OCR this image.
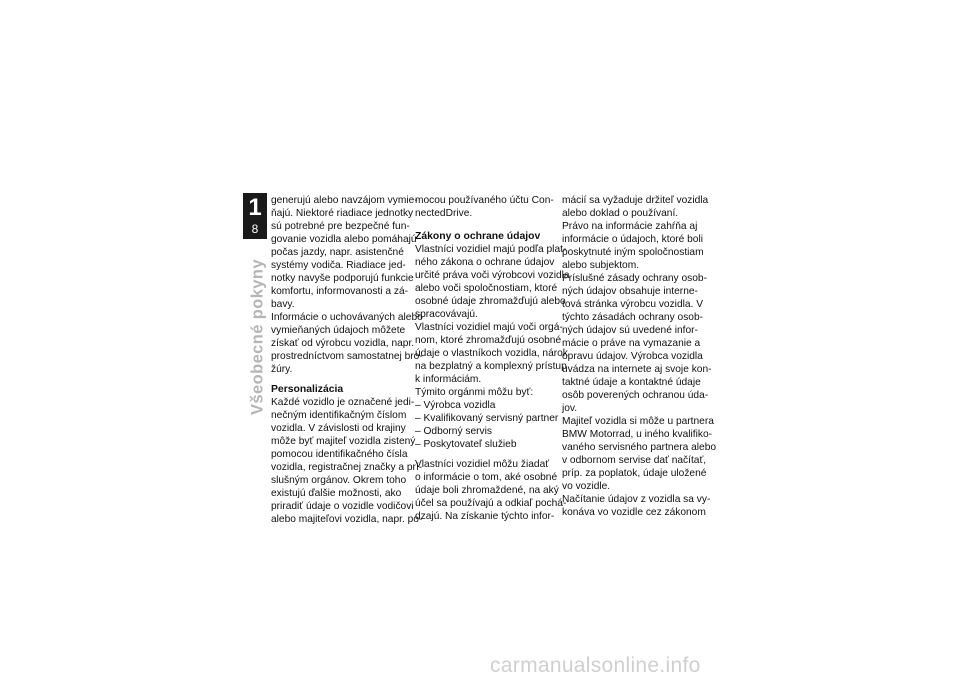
1
8
Všeobecné pokyny

generujú alebo navzájom vymie-

ňajú. Niektoré riadiace jednotky

sú potrebné pre bezpečné fun-

govanie vozidla alebo pomáhajú

počas jazdy, napr. asistenčné

systémy vodiča. Riadiace jed-

notky navyše podporujú funkcie

komfortu, informovanosti a zá-

bavy.

Informácie o uchovávaných alebo

vymieňaných údajoch môžete

získať od výrobcu vozidla, napr.

prostredníctvom samostatnej bro-

žúry.

Personalizácia

Každé vozidlo je označené jedi-

nečným identifikačným číslom

vozidla. V závislosti od krajiny

môže byť majiteľ vozidla zistený

pomocou identifikačného čísla

vozidla, registračnej značky a prí-

slušným orgánov. Okrem toho

existujú ďalšie možnosti, ako

priradiť údaje o vozidle vodičovi

alebo majiteľovi vozidla, napr. po-

mocou používaného účtu Con-

nectedDrive.

Zákony o ochrane údajov

Vlastníci vozidiel majú podľa plat-

ného zákona o ochrane údajov

určité práva voči výrobcovi vozidla

alebo voči spoločnostiam, ktoré

osobné údaje zhromažďujú alebo

spracovávajú.

Vlastníci vozidiel majú voči orgá-

nom, ktoré zhromažďujú osobné

údaje o vlastníkoch vozidla, nárok

na bezplatný a komplexný prístup

k informáciám.

Týmito orgánmi môžu byť:

– Výrobca vozidla
– Kvalifikovaný servisný partner
– Odborný servis
– Poskytovateľ služieb

Vlastníci vozidiel môžu žiadať

o informácie o tom, aké osobné

údaje boli zhromaždené, na aký

účel sa používajú a odkiaľ pochá-

dzajú. Na získanie týchto infor-

mácií sa vyžaduje držiteľ vozidla

alebo doklad o používaní.

Právo na informácie zahŕňa aj

informácie o údajoch, ktoré boli

poskytnuté iným spoločnostiam

alebo subjektom.

Príslušné zásady ochrany osob-

ných údajov obsahuje interne-

tová stránka výrobcu vozidla. V

týchto zásadách ochrany osob-

ných údajov sú uvedené infor-

mácie o práve na vymazanie a

opravu údajov. Výrobca vozidla

uvádza na internete aj svoje kon-

taktné údaje a kontaktné údaje

osôb poverených ochranou úda-

jov.

Majiteľ vozidla si môže u partnera

BMW Motorrad, u iného kvalifiko-

vaného servisného partnera alebo

v odbornom servise dať načítať,

príp. za poplatok, údaje uložené

vo vozidle.

Načítanie údajov z vozidla sa vy-

konáva vo vozidle cez zákonom

carmanualsonline.info
